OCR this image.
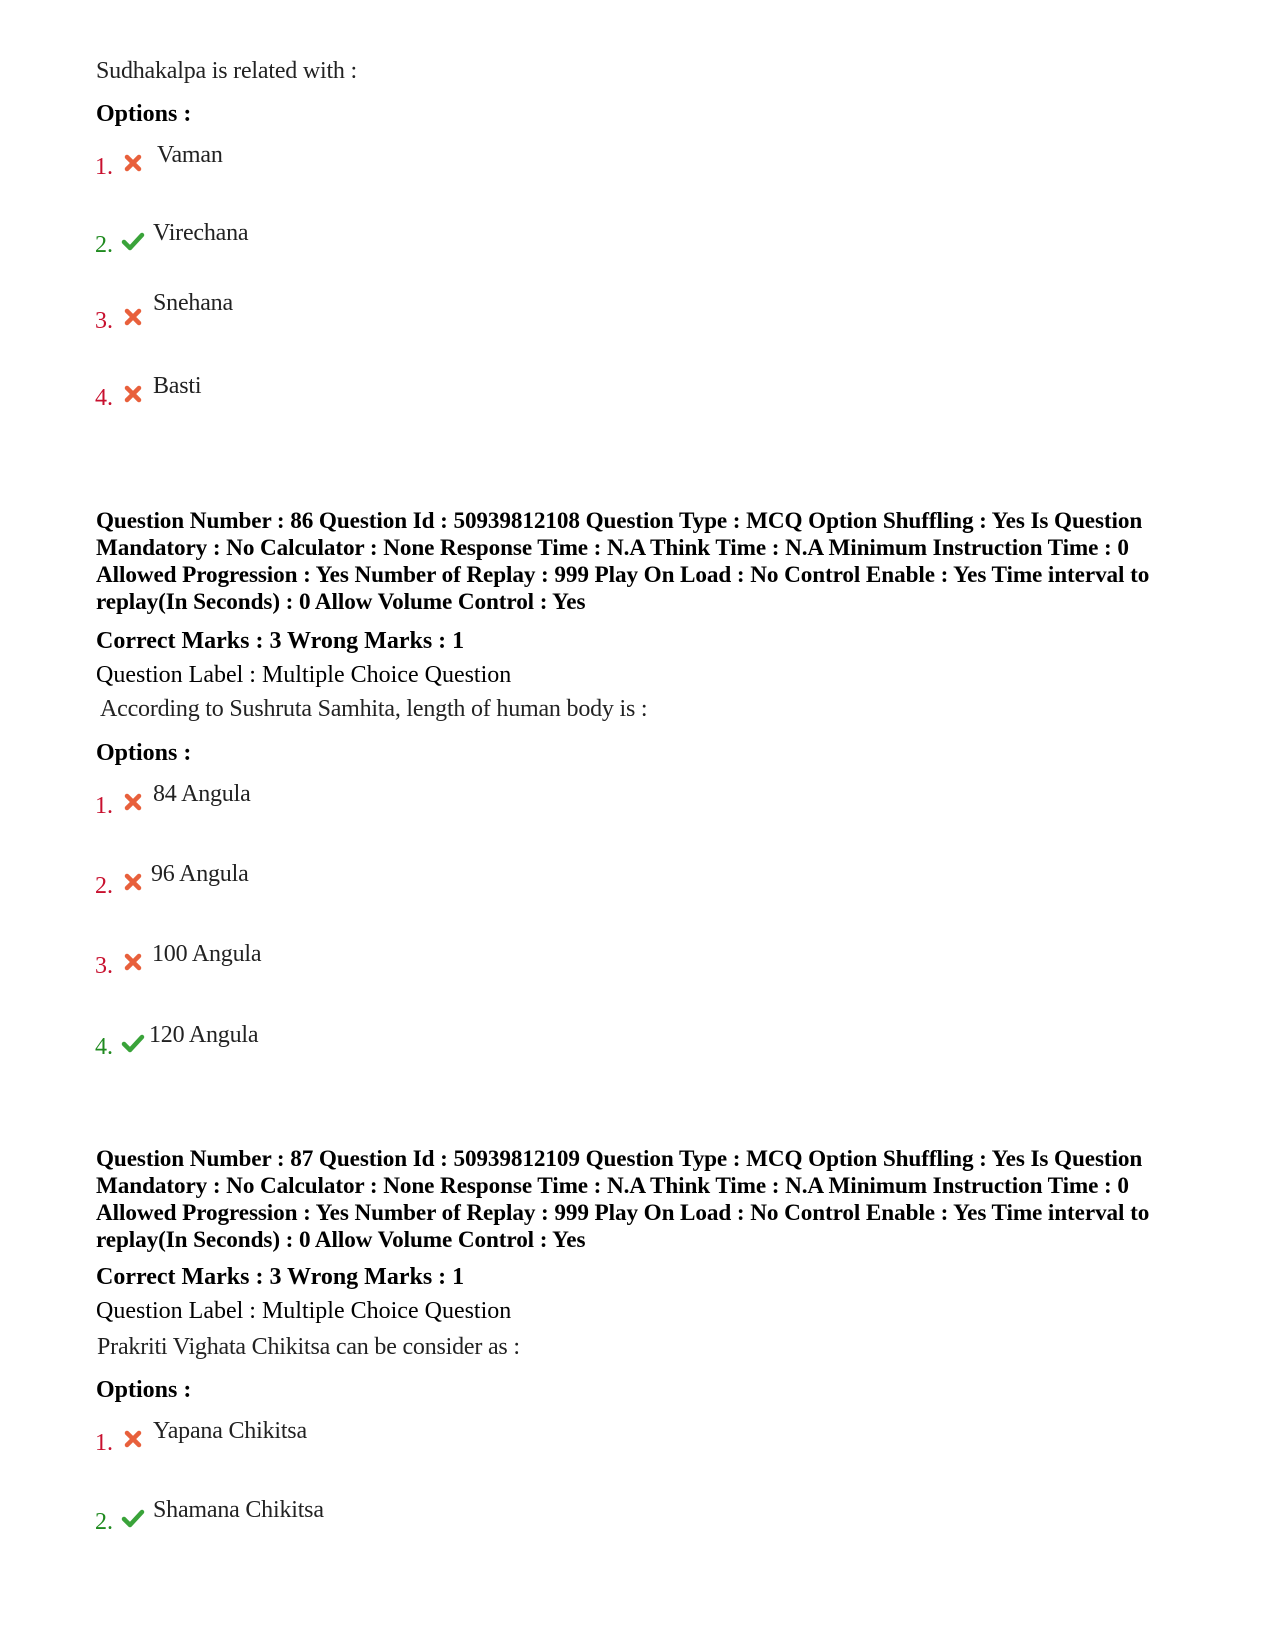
Sudhakalpa is related with :
Options :
1. Vaman
2. Virechana
3.
Snehana
4. Basti
Question Number : 86 Question Id : 50939812108 Question Type : MCQ Option Shuffling : Yes Is Question Mandatory : No Calculator : None Response Time : N.A Think Time : N.A Minimum Instruction Time : 0 Allowed Progression : Yes Number of Replay : 999 Play On Load : No Control Enable : Yes Time interval to replay(In Seconds) : 0 Allow Volume Control : Yes
Correct Marks : 3 Wrong Marks : 1
Question Label : Multiple Choice Question
According to Sushruta Samhita, length of human body is :
Options :
1. 84 Angula
2. 96 Angula
3. 100 Angula
4. 120 Angula
Question Number : 87 Question Id : 50939812109 Question Type : MCQ Option Shuffling : Yes Is Question Mandatory : No Calculator : None Response Time : N.A Think Time : N.A Minimum Instruction Time : 0 Allowed Progression : Yes Number of Replay : 999 Play On Load : No Control Enable : Yes Time interval to replay(In Seconds) : 0 Allow Volume Control : Yes
Correct Marks : 3 Wrong Marks : 1
Question Label : Multiple Choice Question
Prakriti Vighata Chikitsa can be consider as :
Options :
1. Yapana Chikitsa
2. Shamana Chikitsa
